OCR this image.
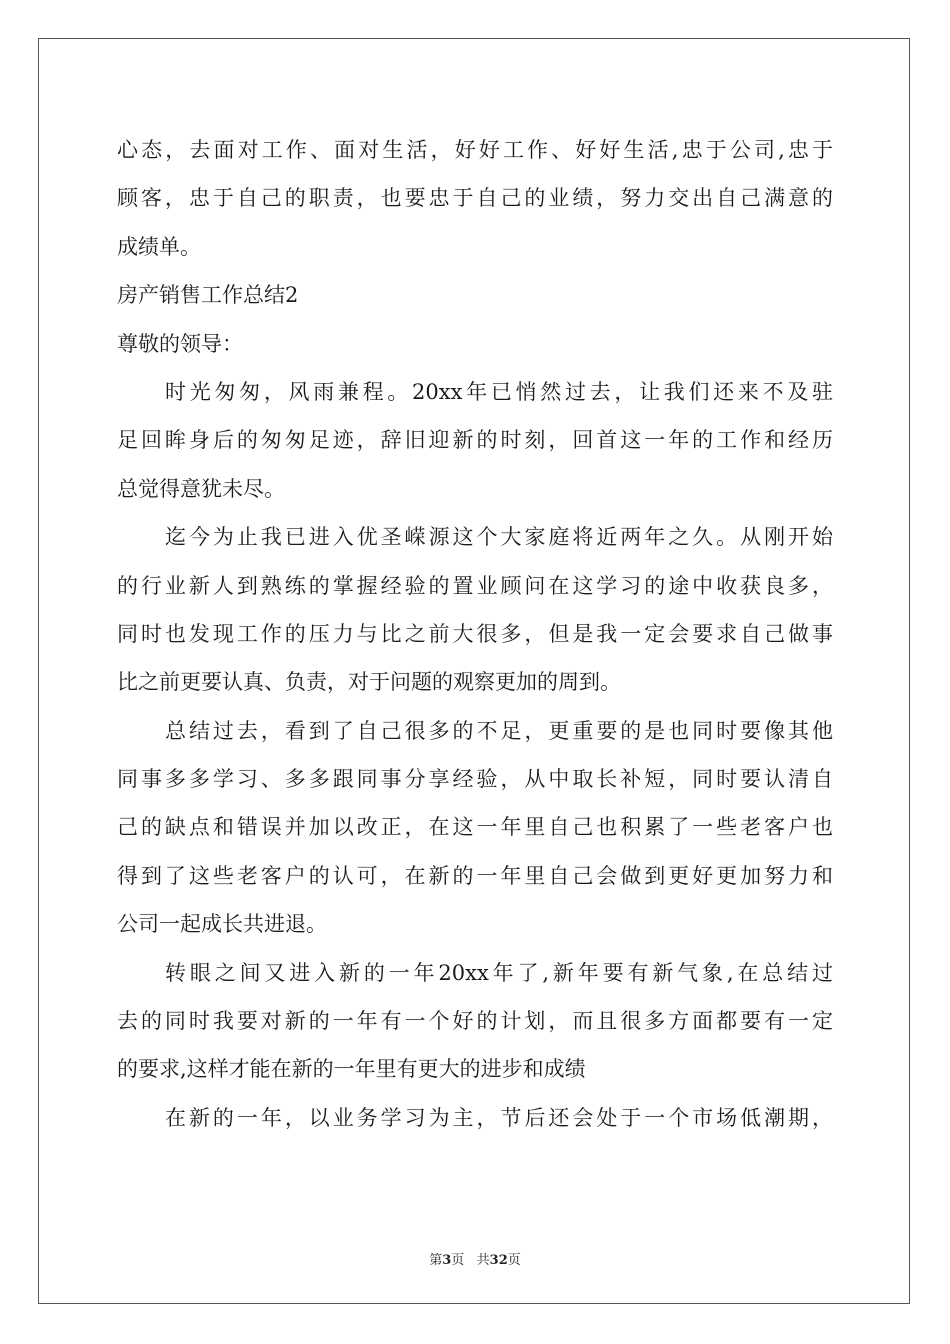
心态，去面对工作、面对生活，好好工作、好好生活,忠于公司,忠于
顾客，忠于自己的职责，也要忠于自己的业绩，努力交出自己满意的
成绩单。
房产销售工作总结2
尊敬的领导：
时光匆匆，风雨兼程。20xx年已悄然过去，让我们还来不及驻
足回眸身后的匆匆足迹，辞旧迎新的时刻，回首这一年的工作和经历
总觉得意犹未尽。
迄今为止我已进入优圣嵘源这个大家庭将近两年之久。从刚开始
的行业新人到熟练的掌握经验的置业顾问在这学习的途中收获良多，
同时也发现工作的压力与比之前大很多，但是我一定会要求自己做事
比之前更要认真、负责，对于问题的观察更加的周到。
总结过去，看到了自己很多的不足，更重要的是也同时要像其他
同事多多学习、多多跟同事分享经验，从中取长补短，同时要认清自
己的缺点和错误并加以改正，在这一年里自己也积累了一些老客户也
得到了这些老客户的认可，在新的一年里自己会做到更好更加努力和
公司一起成长共进退。
转眼之间又进入新的一年20xx年了,新年要有新气象,在总结过
去的同时我要对新的一年有一个好的计划，而且很多方面都要有一定
的要求,这样才能在新的一年里有更大的进步和成绩
在新的一年，以业务学习为主，节后还会处于一个市场低潮期，
第3页   共32页
